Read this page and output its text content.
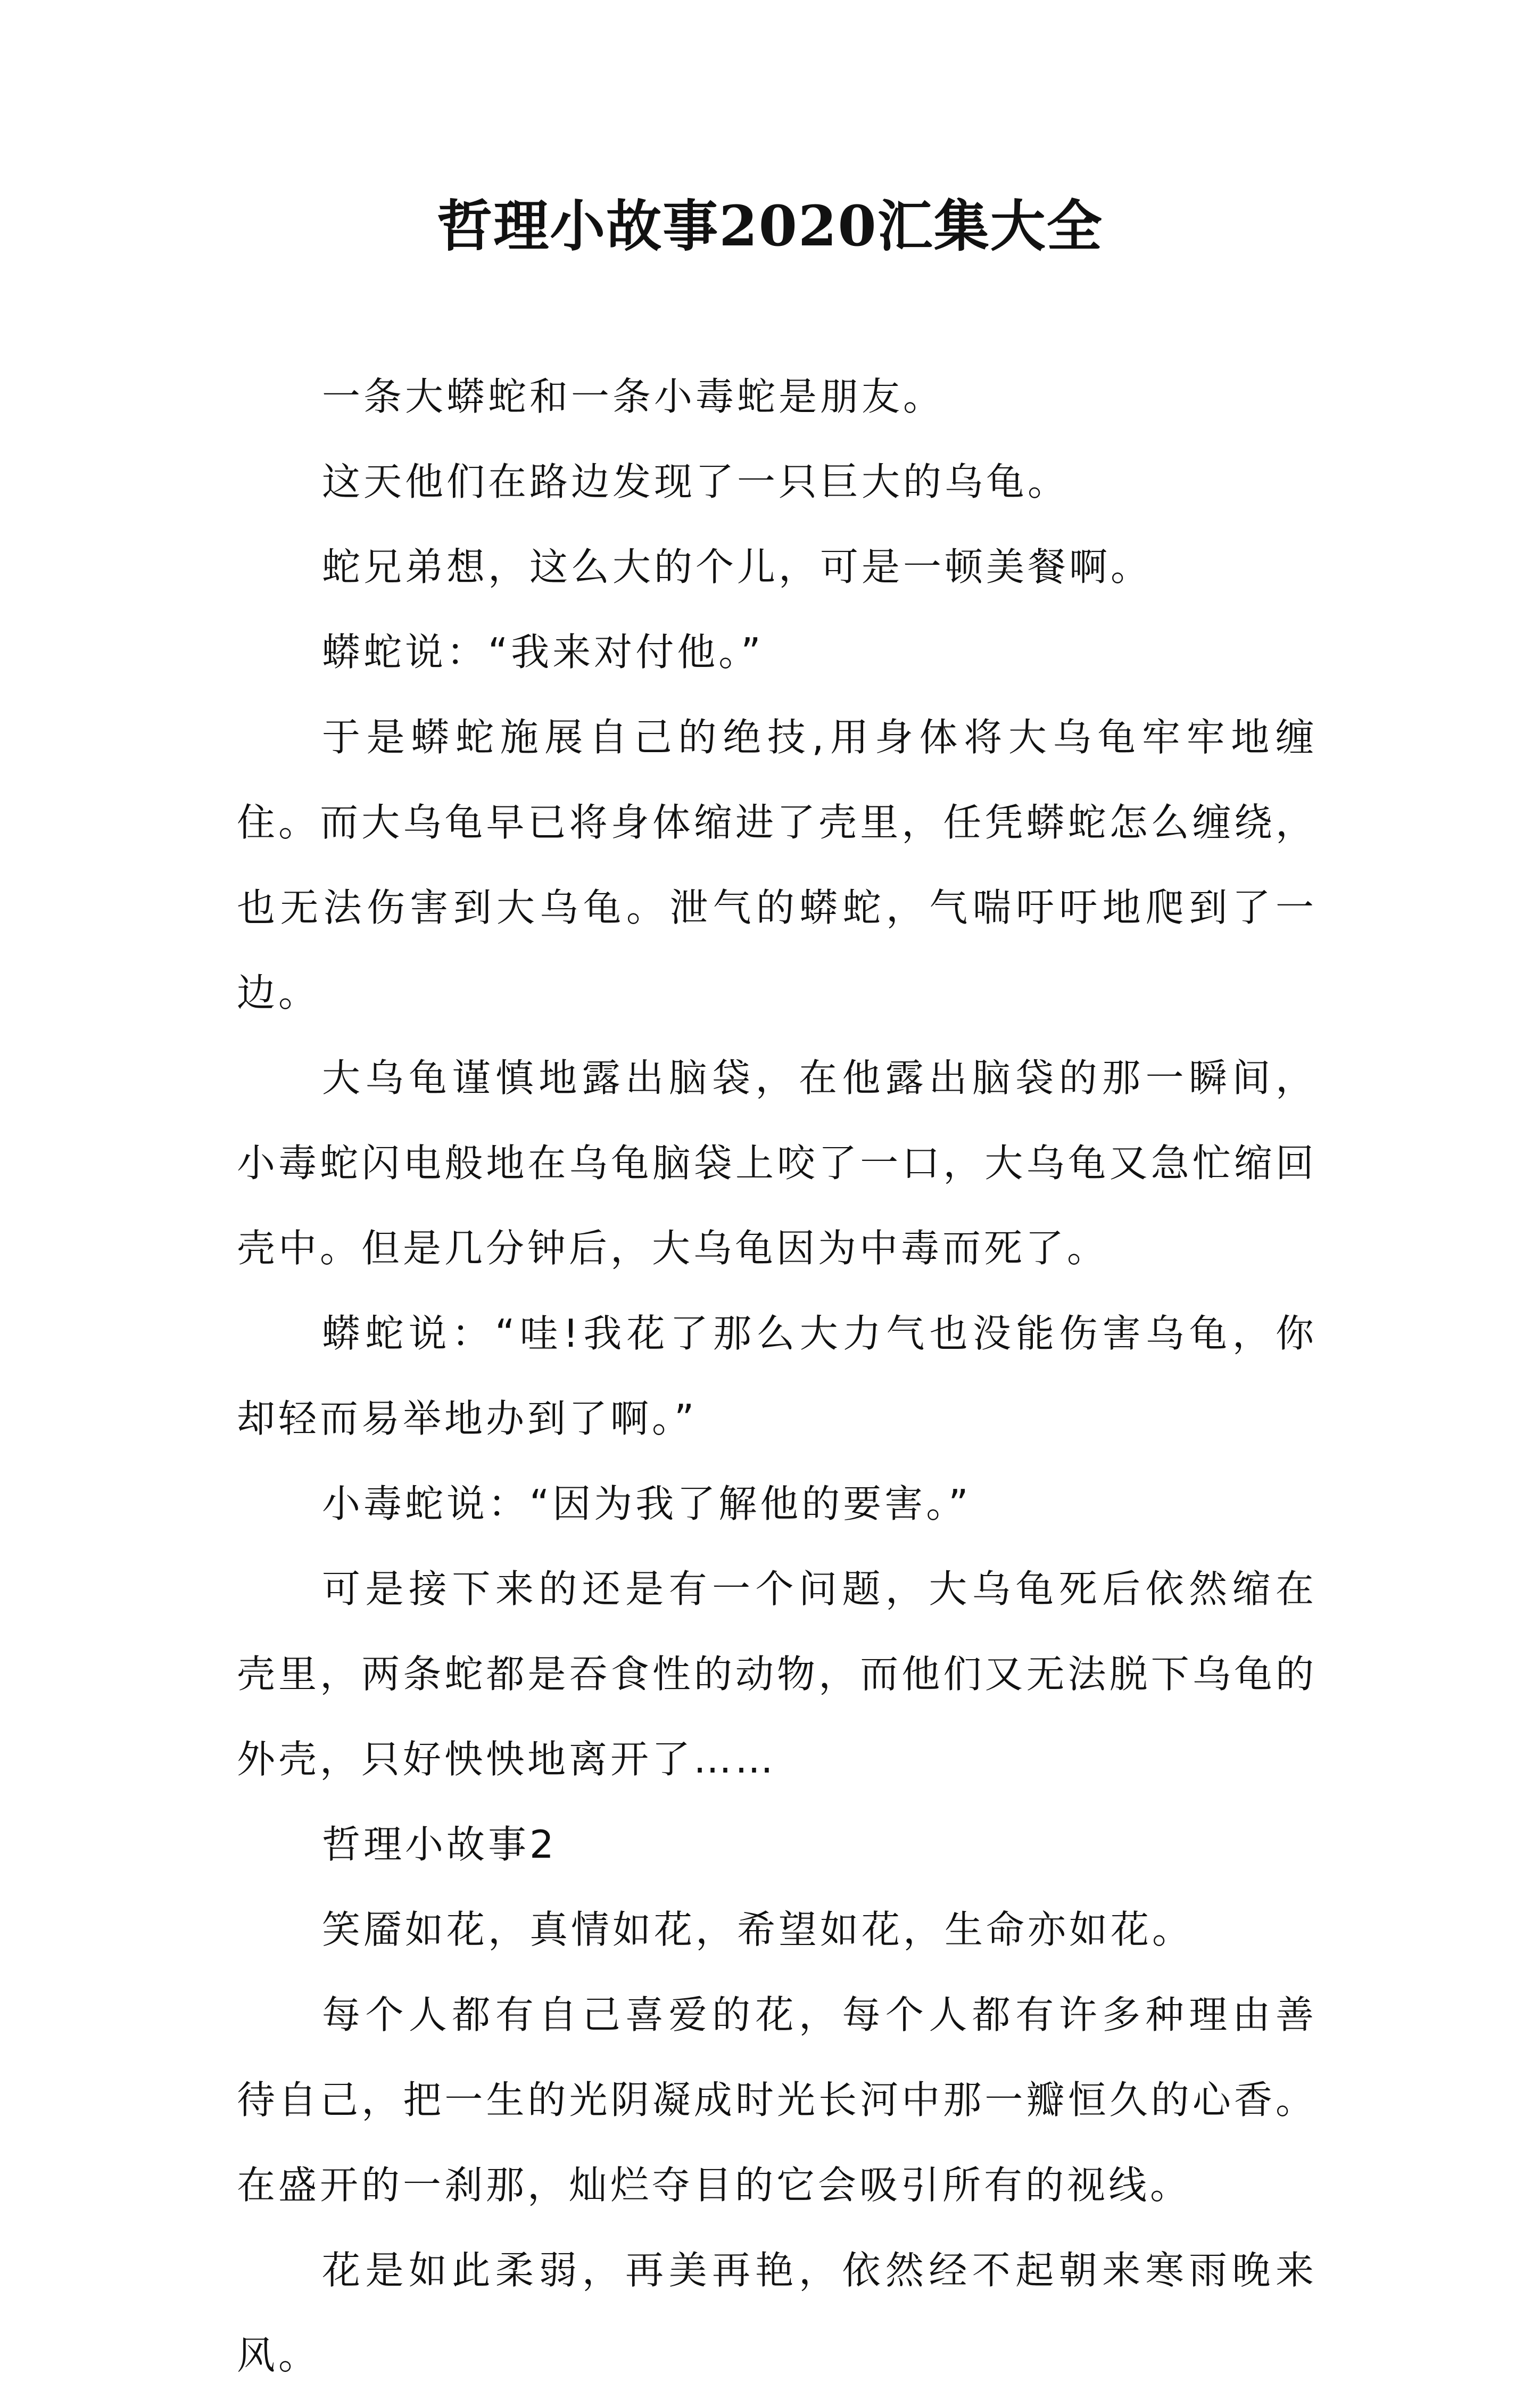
哲理小故事2020汇集大全

一条大蟒蛇和一条小毒蛇是朋友。

这天他们在路边发现了一只巨大的乌龟。

蛇兄弟想，这么大的个儿，可是一顿美餐啊。

蟒蛇说：“我来对付他。”

于是蟒蛇施展自己的绝技,用身体将大乌龟牢牢地缠住。而大乌龟早已将身体缩进了壳里，任凭蟒蛇怎么缠绕，也无法伤害到大乌龟。泄气的蟒蛇，气喘吁吁地爬到了一边。

大乌龟谨慎地露出脑袋，在他露出脑袋的那一瞬间，小毒蛇闪电般地在乌龟脑袋上咬了一口，大乌龟又急忙缩回壳中。但是几分钟后，大乌龟因为中毒而死了。

蟒蛇说：“哇!我花了那么大力气也没能伤害乌龟，你却轻而易举地办到了啊。”

小毒蛇说：“因为我了解他的要害。”

可是接下来的还是有一个问题，大乌龟死后依然缩在壳里，两条蛇都是吞食性的动物，而他们又无法脱下乌龟的外壳，只好怏怏地离开了……

哲理小故事2

笑靥如花，真情如花，希望如花，生命亦如花。

每个人都有自己喜爱的花，每个人都有许多种理由善待自己，把一生的光阴凝成时光长河中那一瓣恒久的心香。在盛开的一刹那，灿烂夺目的它会吸引所有的视线。

花是如此柔弱，再美再艳，依然经不起朝来寒雨晚来风。
